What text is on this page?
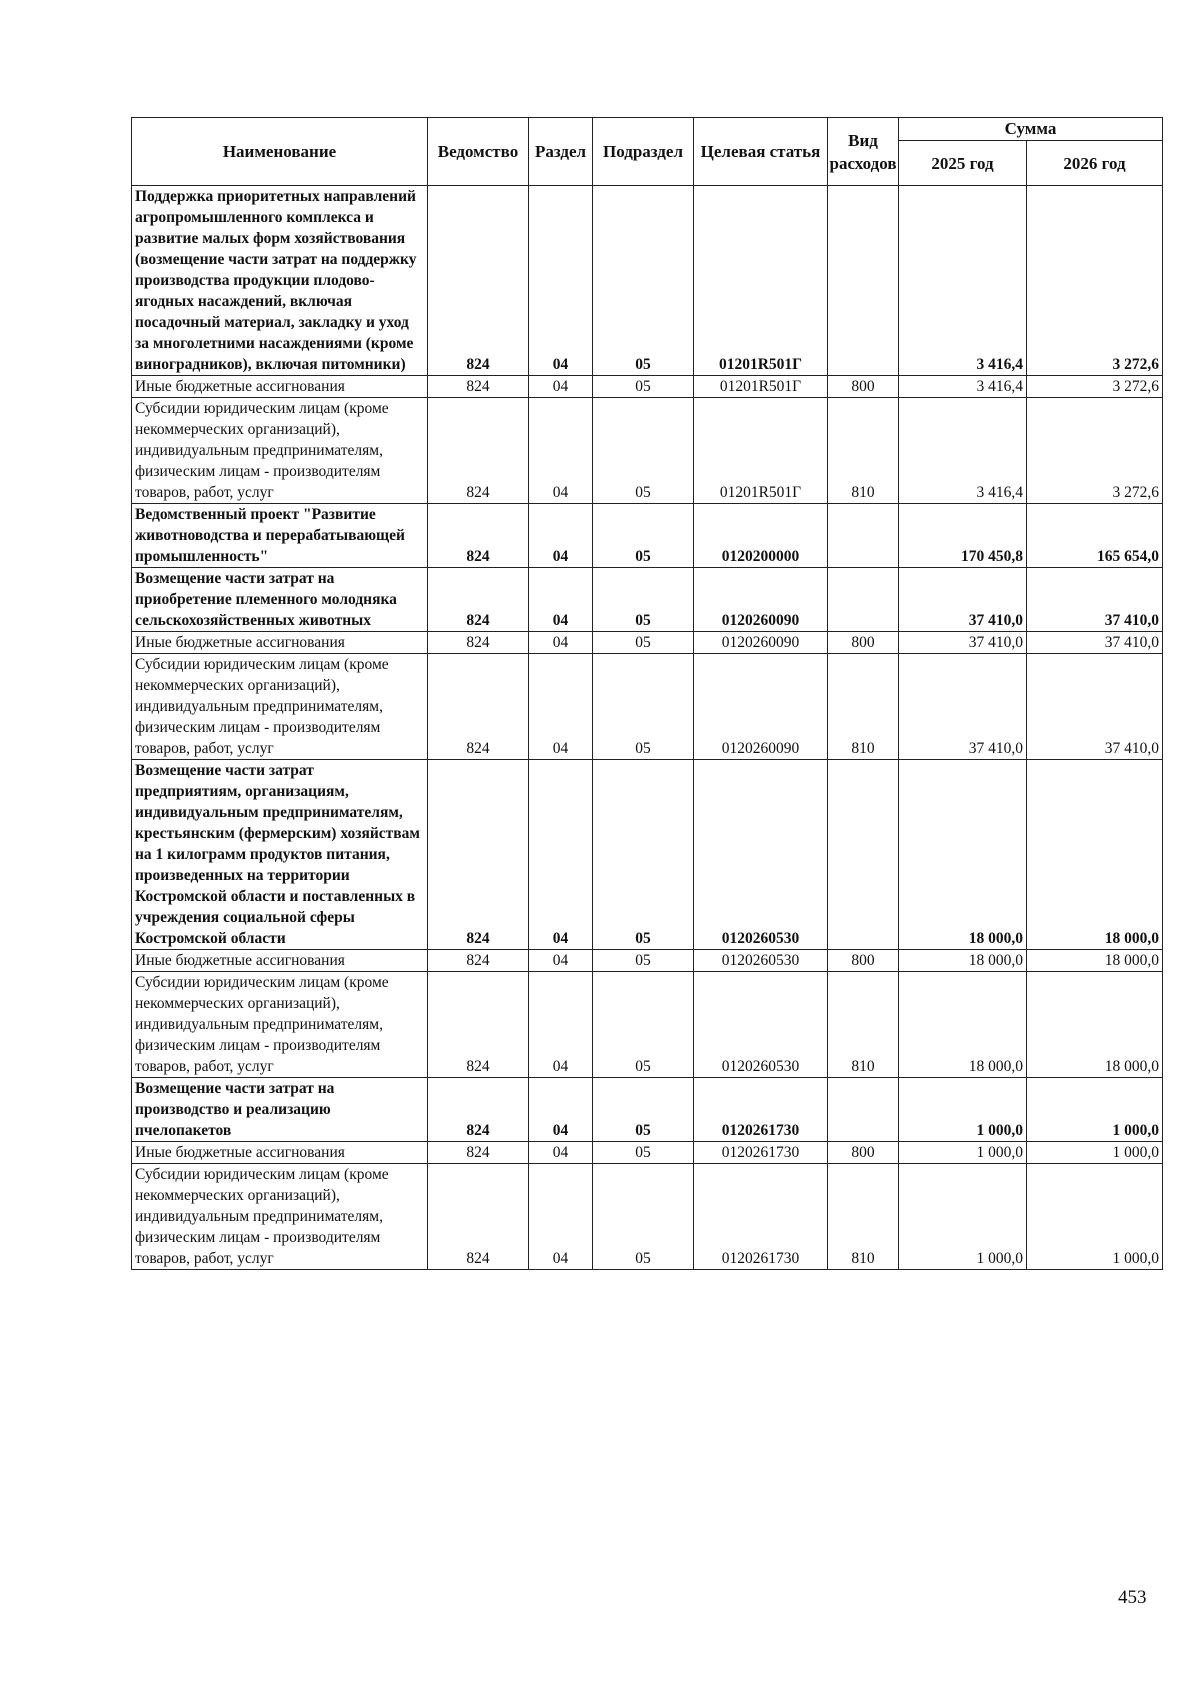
Наименование	Ведомство	Раздел	Подраздел	Целевая статья	Вид расходов	Сумма	
						2025 год	2026 год
Поддержка приоритетных направлений агропромышленного комплекса и развитие малых форм хозяйствования (возмещение части затрат на поддержку производства продукции плодово-ягодных насаждений, включая посадочный материал, закладку и уход за многолетними насаждениями (кроме виноградников), включая питомники)	824	04	05	01201R501Г		3 416,4	3 272,6
Иные бюджетные ассигнования	824	04	05	01201R501Г	800	3 416,4	3 272,6
Субсидии юридическим лицам (кроме некоммерческих организаций), индивидуальным предпринимателям, физическим лицам - производителям товаров, работ, услуг	824	04	05	01201R501Г	810	3 416,4	3 272,6
Ведомственный проект "Развитие животноводства и перерабатывающей промышленность"	824	04	05	0120200000		170 450,8	165 654,0
Возмещение части затрат на приобретение племенного молодняка сельскохозяйственных животных	824	04	05	0120260090		37 410,0	37 410,0
Иные бюджетные ассигнования	824	04	05	0120260090	800	37 410,0	37 410,0
Субсидии юридическим лицам (кроме некоммерческих организаций), индивидуальным предпринимателям, физическим лицам - производителям товаров, работ, услуг	824	04	05	0120260090	810	37 410,0	37 410,0
Возмещение части затрат предприятиям, организациям, индивидуальным предпринимателям, крестьянским (фермерским) хозяйствам на 1 килограмм продуктов питания, произведенных на территории Костромской области и поставленных в учреждения социальной сферы Костромской области	824	04	05	0120260530		18 000,0	18 000,0
Иные бюджетные ассигнования	824	04	05	0120260530	800	18 000,0	18 000,0
Субсидии юридическим лицам (кроме некоммерческих организаций), индивидуальным предпринимателям, физическим лицам - производителям товаров, работ, услуг	824	04	05	0120260530	810	18 000,0	18 000,0
Возмещение части затрат на производство и реализацию пчелопакетов	824	04	05	0120261730		1 000,0	1 000,0
Иные бюджетные ассигнования	824	04	05	0120261730	800	1 000,0	1 000,0
Субсидии юридическим лицам (кроме некоммерческих организаций), индивидуальным предпринимателям, физическим лицам - производителям товаров, работ, услуг	824	04	05	0120261730	810	1 000,0	1 000,0
453
